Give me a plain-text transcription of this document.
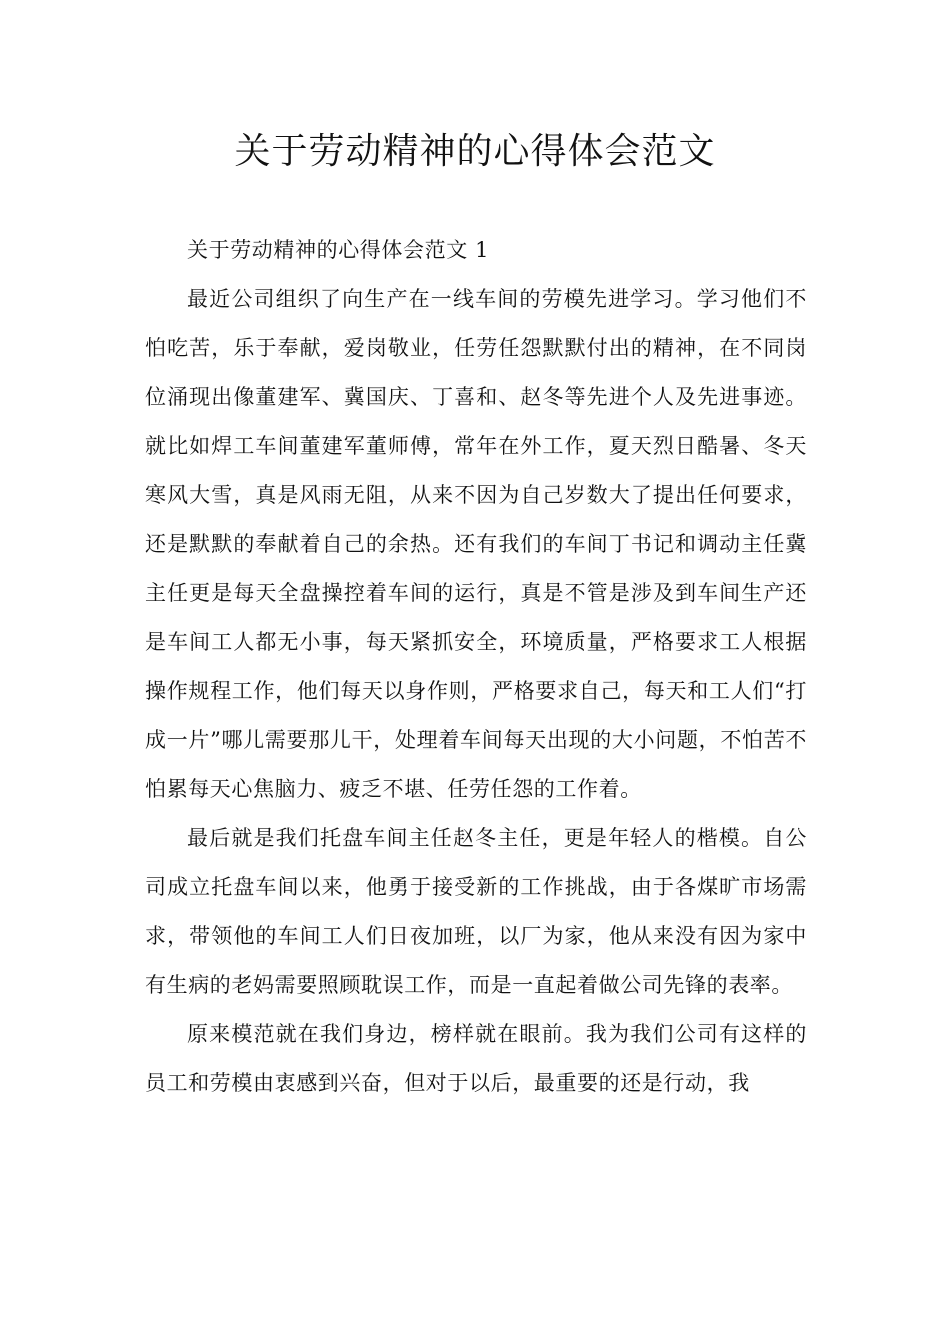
关于劳动精神的心得体会范文

关于劳动精神的心得体会范文 1

最近公司组织了向生产在一线车间的劳模先进学习。学习他们不怕吃苦，乐于奉献，爱岗敬业，任劳任怨默默付出的精神，在不同岗位涌现出像董建军、冀国庆、丁喜和、赵冬等先进个人及先进事迹。就比如焊工车间董建军董师傅，常年在外工作，夏天烈日酷暑、冬天寒风大雪，真是风雨无阻，从来不因为自己岁数大了提出任何要求，还是默默的奉献着自己的余热。还有我们的车间丁书记和调动主任冀主任更是每天全盘操控着车间的运行，真是不管是涉及到车间生产还是车间工人都无小事，每天紧抓安全，环境质量，严格要求工人根据操作规程工作，他们每天以身作则，严格要求自己，每天和工人们“打成一片”哪儿需要那儿干，处理着车间每天出现的大小问题，不怕苦不怕累每天心焦脑力、疲乏不堪、任劳任怨的工作着。

最后就是我们托盘车间主任赵冬主任，更是年轻人的楷模。自公司成立托盘车间以来，他勇于接受新的工作挑战，由于各煤旷市场需求，带领他的车间工人们日夜加班，以厂为家，他从来没有因为家中有生病的老妈需要照顾耽误工作，而是一直起着做公司先锋的表率。

原来模范就在我们身边，榜样就在眼前。我为我们公司有这样的员工和劳模由衷感到兴奋，但对于以后，最重要的还是行动，我
